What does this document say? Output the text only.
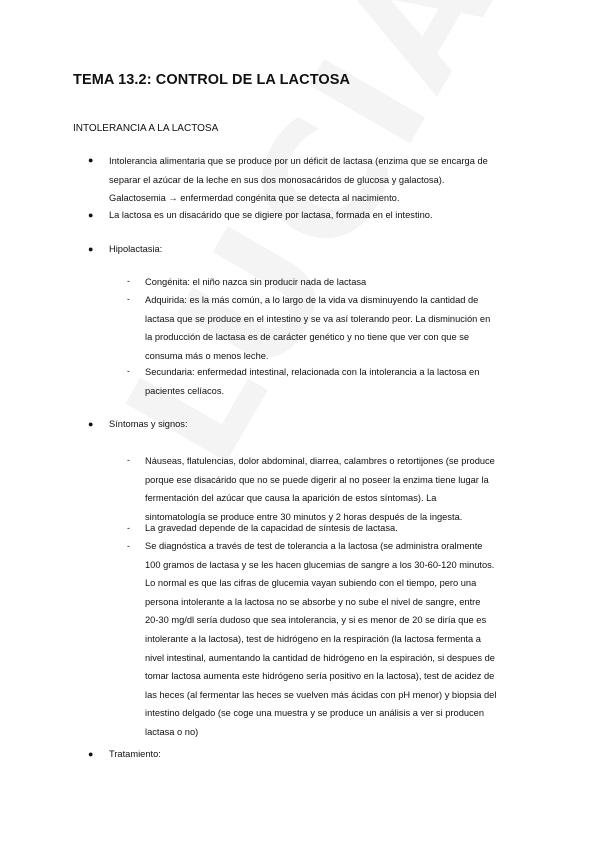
TEMA 13.2: CONTROL DE LA LACTOSA
INTOLERANCIA A LA LACTOSA
● Intolerancia alimentaria que se produce por un déficit de lactasa (enzima que se encarga de
separar el azúcar de la leche en sus dos monosacáridos de glucosa y galactosa).
Galactosemia → enfermerdad congénita que se detecta al nacimiento.
● La lactosa es un disacárido que se digiere por lactasa, formada en el intestino.
● Hipolactasia:
- Congénita: el niño nazca sin producir nada de lactasa
- Adquirida: es la más común, a lo largo de la vida va disminuyendo la cantidad de
lactasa que se produce en el intestino y se va así tolerando peor. La disminución en
la producción de lactasa es de carácter genético y no tiene que ver con que se
consuma más o menos leche.
- Secundaria: enfermedad intestinal, relacionada con la intolerancia a la lactosa en
pacientes celíacos.
● Síntomas y signos:
- Náuseas, flatulencias, dolor abdominal, diarrea, calambres o retortijones (se produce
porque ese disacárido que no se puede digerir al no poseer la enzima tiene lugar la
fermentación del azúcar que causa la aparición de estos síntomas). La
sintomatología se produce entre 30 minutos y 2 horas después de la ingesta.
- La gravedad depende de la capacidad de síntesis de lactasa.
- Se diagnóstica a través de test de tolerancia a la lactosa (se administra oralmente
100 gramos de lactasa y se les hacen glucemias de sangre a los 30-60-120 minutos.
Lo normal es que las cifras de glucemia vayan subiendo con el tiempo, pero una
persona intolerante a la lactosa no se absorbe y no sube el nivel de sangre, entre
20-30 mg/dl sería dudoso que sea intolerancia, y si es menor de 20 se diría que es
intolerante a la lactosa), test de hidrógeno en la respiración (la lactosa fermenta a
nivel intestinal, aumentando la cantidad de hidrógeno en la espiración, si despues de
tomar lactosa aumenta este hidrógeno sería positivo en la lactosa), test de acidez de
las heces (al fermentar las heces se vuelven más ácidas con pH menor) y biopsia del
intestino delgado (se coge una muestra y se produce un análisis a ver si producen
lactasa o no)
● Tratamiento:
